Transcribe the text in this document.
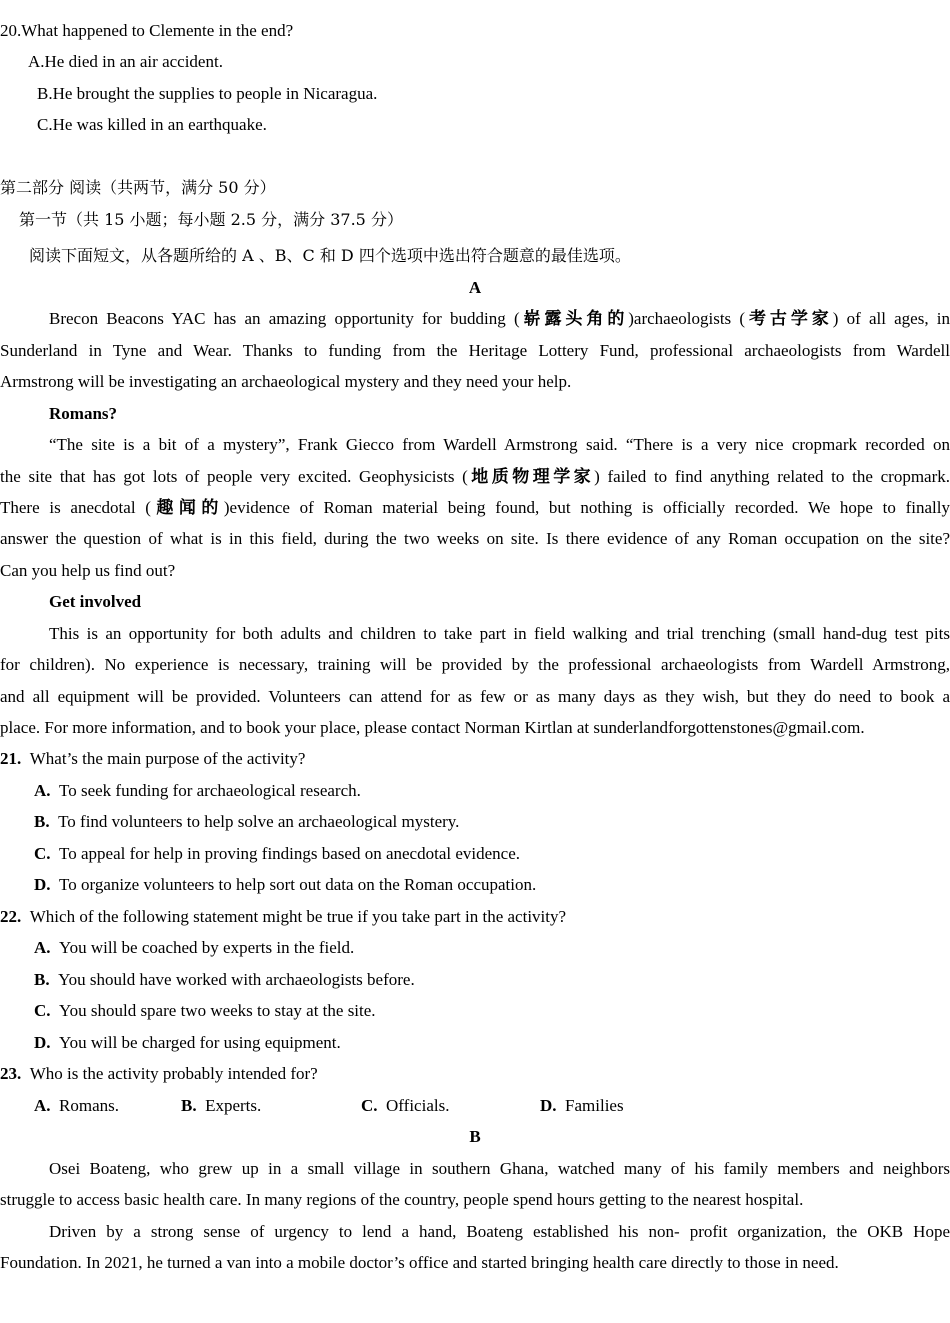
20.What happened to Clemente in the end?
A.He died in an air accident.
B.He brought the supplies to people in Nicaragua.
C.He was killed in an earthquake.
第二部分 阅读（共两节，满分 50 分）
第一节（共 15 小题；每小题 2.5 分，满分 37.5 分）
阅读下面短文，从各题所给的 A 、B、C 和 D 四个选项中选出符合题意的最佳选项。
A
Brecon Beacons YAC has an amazing opportunity for budding (崭露头角的)archaeologists (考古学家) of all ages, in
Sunderland in Tyne and Wear. Thanks to funding from the Heritage Lottery Fund, professional archaeologists from Wardell
Armstrong will be investigating an archaeological mystery and they need your help.
Romans?
“The site is a bit of a mystery”, Frank Giecco from Wardell Armstrong said. “There is a very nice cropmark recorded on
the site that has got lots of people very excited. Geophysicists (地质物理学家) failed to find anything related to the cropmark.
There is anecdotal (趣闻的)evidence of Roman material being found, but nothing is officially recorded. We hope to finally
answer the question of what is in this field, during the two weeks on site. Is there evidence of any Roman occupation on the site?
Can you help us find out?
Get involved
This is an opportunity for both adults and children to take part in field walking and trial trenching (small hand-dug test pits
for children). No experience is necessary, training will be provided by the professional archaeologists from Wardell Armstrong,
and all equipment will be provided. Volunteers can attend for as few or as many days as they wish, but they do need to book a
place. For more information, and to book your place, please contact Norman Kirtlan at sunderlandforgottenstones@gmail.com.
21. What’s the main purpose of the activity?
A. To seek funding for archaeological research.
B. To find volunteers to help solve an archaeological mystery.
C. To appeal for help in proving findings based on anecdotal evidence.
D. To organize volunteers to help sort out data on the Roman occupation.
22. Which of the following statement might be true if you take part in the activity?
A. You will be coached by experts in the field.
B. You should have worked with archaeologists before.
C. You should spare two weeks to stay at the site.
D. You will be charged for using equipment.
23. Who is the activity probably intended for?
A. Romans.	B. Experts.	C. Officials.	D. Families
B
Osei Boateng, who grew up in a small village in southern Ghana, watched many of his family members and neighbors
struggle to access basic health care. In many regions of the country, people spend hours getting to the nearest hospital.
Driven by a strong sense of urgency to lend a hand, Boateng established his non- profit organization, the OKB Hope
Foundation. In 2021, he turned a van into a mobile doctor’s office and started bringing health care directly to those in need.
